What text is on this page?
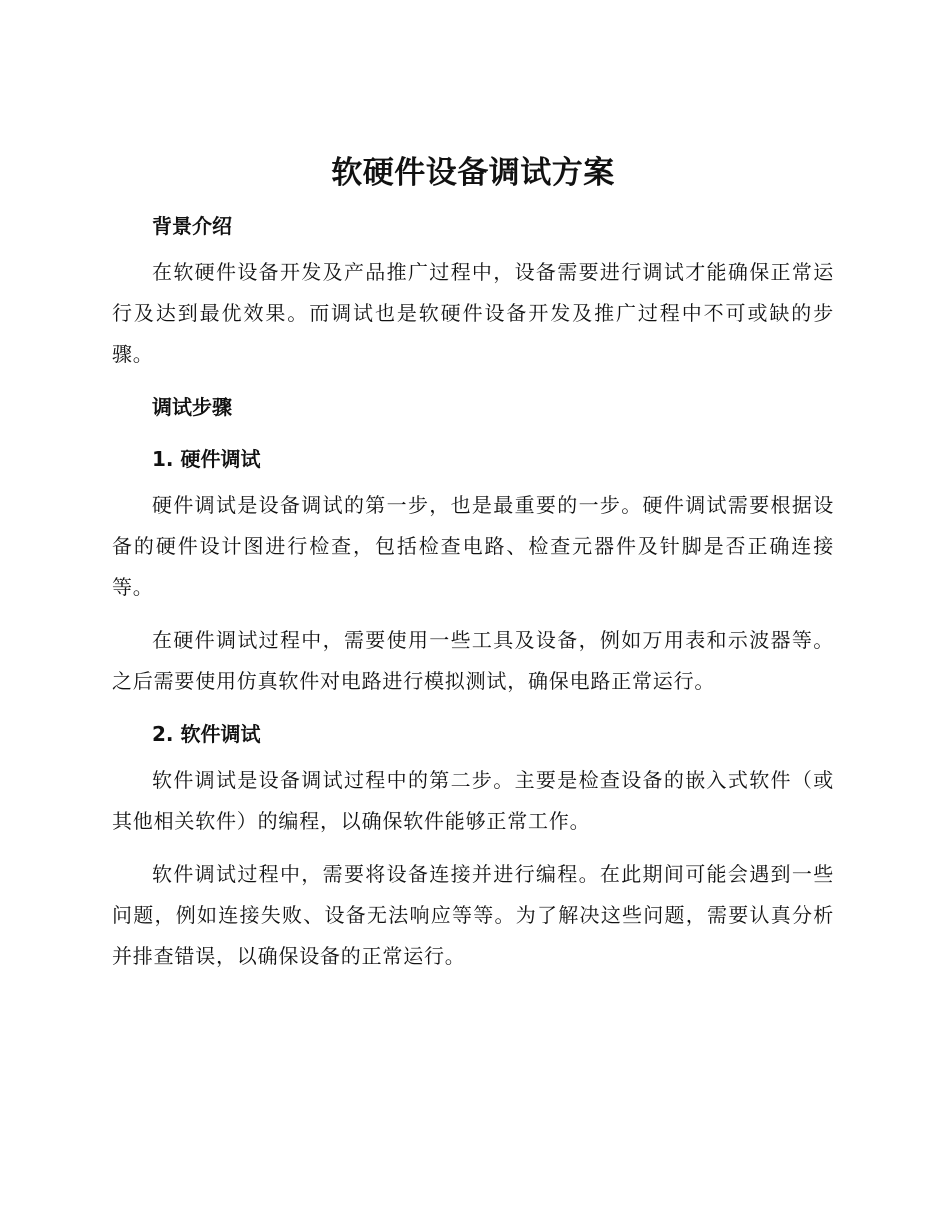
软硬件设备调试方案
背景介绍

在软硬件设备开发及产品推广过程中，设备需要进行调试才能确保正常运行及达到最优效果。而调试也是软硬件设备开发及推广过程中不可或缺的步骤。

调试步骤
1. 硬件调试

硬件调试是设备调试的第一步，也是最重要的一步。硬件调试需要根据设备的硬件设计图进行检查，包括检查电路、检查元器件及针脚是否正确连接等。

在硬件调试过程中，需要使用一些工具及设备，例如万用表和示波器等。之后需要使用仿真软件对电路进行模拟测试，确保电路正常运行。

2. 软件调试

软件调试是设备调试过程中的第二步。主要是检查设备的嵌入式软件（或其他相关软件）的编程，以确保软件能够正常工作。

软件调试过程中，需要将设备连接并进行编程。在此期间可能会遇到一些问题，例如连接失败、设备无法响应等等。为了解决这些问题，需要认真分析并排查错误，以确保设备的正常运行。
